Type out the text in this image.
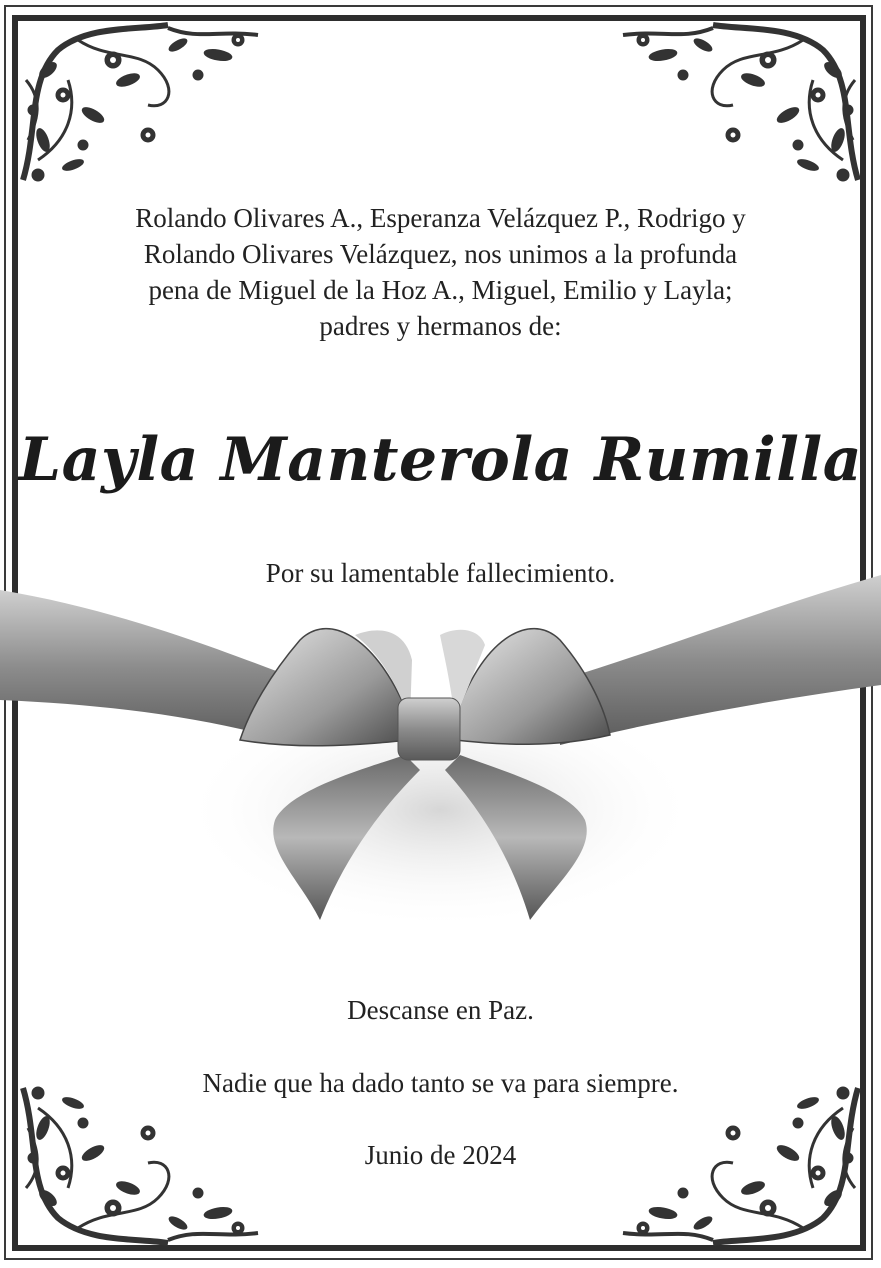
Rolando Olivares A., Esperanza Velázquez P., Rodrigo y
Rolando Olivares Velázquez, nos unimos a la profunda
pena de Miguel de la Hoz A., Miguel, Emilio y Layla;
padres y hermanos de:
Layla Manterola Rumilla
Por su lamentable fallecimiento.
Descanse en Paz.
Nadie que ha dado tanto se va para siempre.
Junio de 2024
